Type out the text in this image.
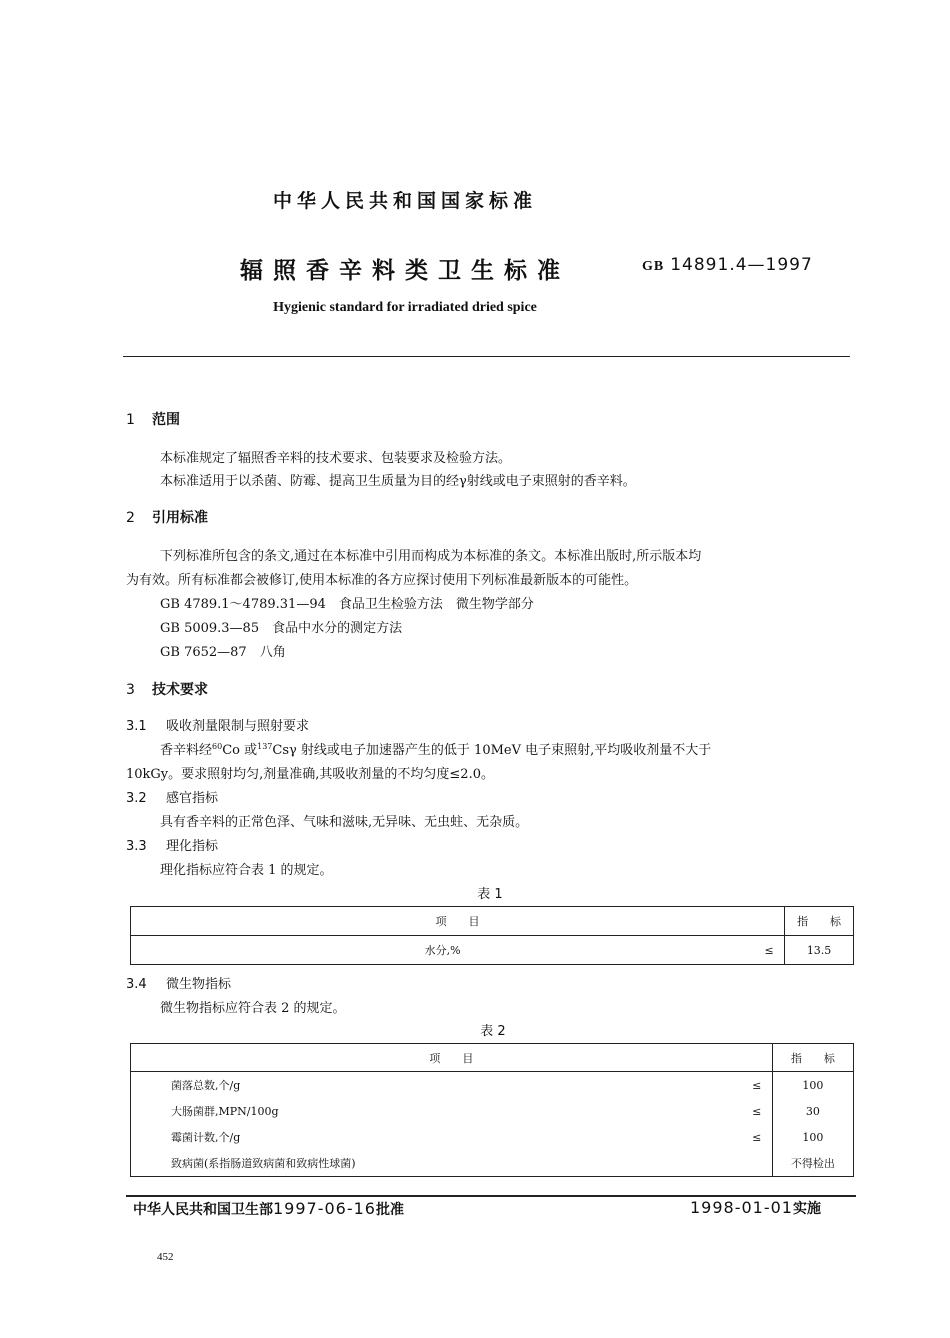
中华人民共和国国家标准
辐照香辛料类卫生标准	GB 14891.4—1997
Hygienic standard for irradiated dried spice
1 范围
本标准规定了辐照香辛料的技术要求、包装要求及检验方法。
本标准适用于以杀菌、防霉、提高卫生质量为目的经γ射线或电子束照射的香辛料。
2 引用标准
下列标准所包含的条文,通过在本标准中引用而构成为本标准的条文。本标准出版时,所示版本均
为有效。所有标准都会被修订,使用本标准的各方应探讨使用下列标准最新版本的可能性。
GB 4789.1～4789.31—94　食品卫生检验方法　微生物学部分
GB 5009.3—85　食品中水分的测定方法
GB 7652—87　八角
3 技术要求
3.1 吸收剂量限制与照射要求
香辛料经$^{60}$Co 或$^{137}$Csγ 射线或电子加速器产生的低于 10MeV 电子束照射,平均吸收剂量不大于
10kGy。要求照射均匀,剂量准确,其吸收剂量的不均匀度≤2.0。
3.2 感官指标
具有香辛料的正常色泽、气味和滋味,无异味、无虫蛀、无杂质。
3.3 理化指标
理化指标应符合表 1 的规定。
表 1
项　　目		指　　标
水分,%	≤	13.5
3.4 微生物指标
微生物指标应符合表 2 的规定。
表 2
项　　目		指　　标
菌落总数,个/g	≤	100
大肠菌群,MPN/100g	≤	30
霉菌计数,个/g	≤	100
致病菌(系指肠道致病菌和致病性球菌)		不得检出
中华人民共和国卫生部1997-06-16批准	1998-01-01实施
452
